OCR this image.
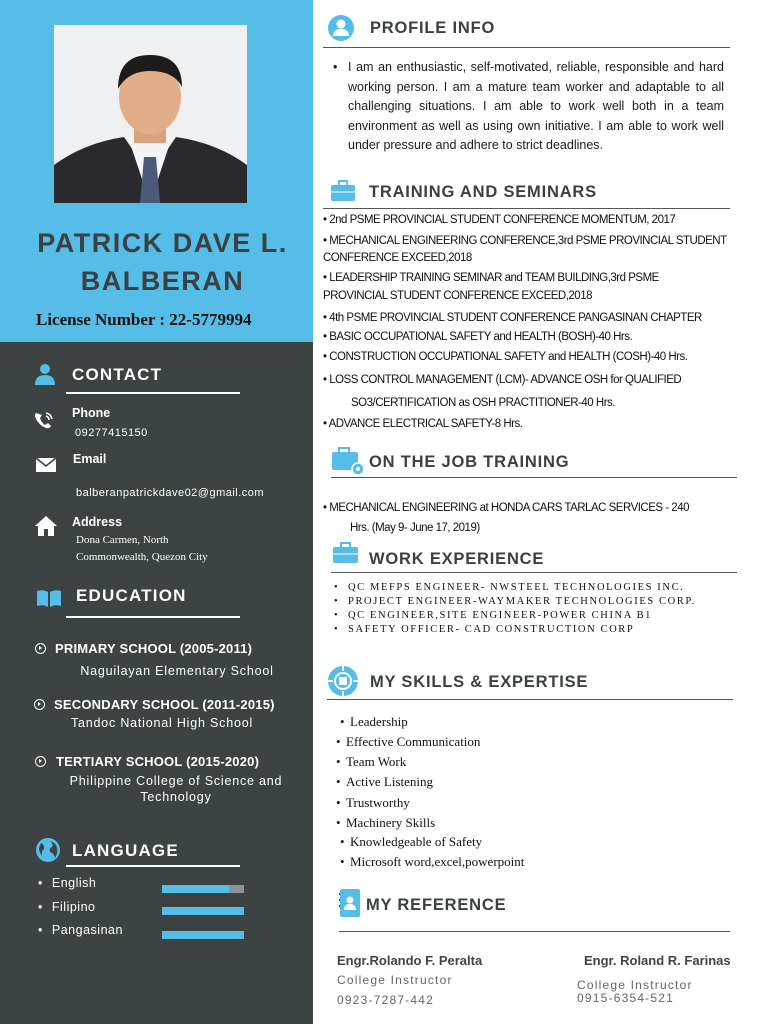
PATRICK DAVE L.
BALBERAN
License Number : 22-5779994
CONTACT
Phone
09277415150
Email
balberanpatrickdave02@gmail.com
Address
Dona Carmen, North
Commonwealth, Quezon City
EDUCATION
PRIMARY SCHOOL (2005-2011)
Naguilayan Elementary School
SECONDARY SCHOOL (2011-2015)
Tandoc National High School
TERTIARY SCHOOL (2015-2020)
Philippine College of Science and
Technology
LANGUAGE
• English
• Filipino
• Pangasinan
PROFILE INFO
• I am an enthusiastic, self-motivated, reliable, responsible and hard working person. I am a mature team worker and adaptable to all challenging situations. I am able to work well both in a team environment as well as using own initiative. I am able to work well under pressure and adhere to strict deadlines.
TRAINING AND SEMINARS
• 2nd PSME PROVINCIAL STUDENT CONFERENCE MOMENTUM, 2017
• MECHANICAL ENGINEERING CONFERENCE,3rd PSME PROVINCIAL STUDENT
CONFERENCE EXCEED,2018
• LEADERSHIP TRAINING SEMINAR and TEAM BUILDING,3rd PSME
PROVINCIAL STUDENT CONFERENCE EXCEED,2018
• 4th PSME PROVINCIAL STUDENT CONFERENCE PANGASINAN CHAPTER
• BASIC OCCUPATIONAL SAFETY and HEALTH (BOSH)-40 Hrs.
• CONSTRUCTION OCCUPATIONAL SAFETY and HEALTH (COSH)-40 Hrs.
• LOSS CONTROL MANAGEMENT (LCM)- ADVANCE OSH for QUALIFIED
SO3/CERTIFICATION as OSH PRACTITIONER-40 Hrs.
• ADVANCE ELECTRICAL SAFETY-8 Hrs.
ON THE JOB TRAINING
• MECHANICAL ENGINEERING at HONDA CARS TARLAC SERVICES - 240
Hrs. (May 9- June 17, 2019)
WORK EXPERIENCE
• QC MEFPS ENGINEER- NWSTEEL TECHNOLOGIES INC.
• PROJECT ENGINEER-WAYMAKER TECHNOLOGIES CORP.
• QC ENGINEER,SITE ENGINEER-POWER CHINA B1
• SAFETY OFFICER- CAD CONSTRUCTION CORP
MY SKILLS & EXPERTISE
• Leadership
• Effective Communication
• Team Work
• Active Listening
• Trustworthy
• Machinery Skills
• Knowledgeable of Safety
• Microsoft word,excel,powerpoint
MY REFERENCE
Engr.Rolando F. Peralta
College Instructor
0923-7287-442
Engr. Roland R. Farinas
College Instructor
0915-6354-521
